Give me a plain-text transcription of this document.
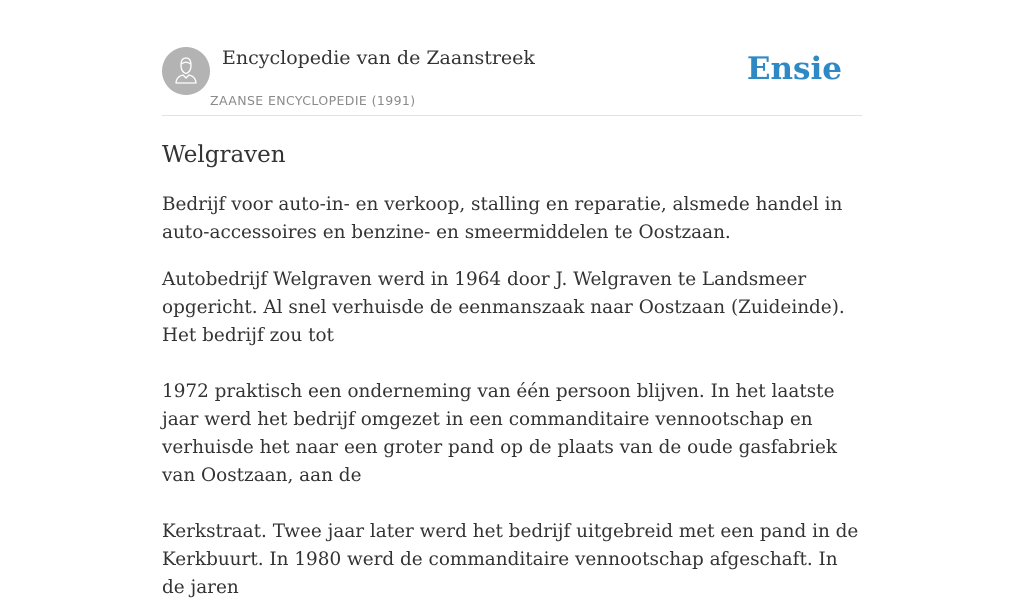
Encyclopedie van de Zaanstreek
ZAANSE ENCYCLOPEDIE (1991)
Ensie
Welgraven

Bedrijf voor auto-in- en verkoop, stalling en reparatie, alsmede handel in auto-accessoires en benzine- en smeermiddelen te Oostzaan.

Autobedrijf Welgraven werd in 1964 door J. Welgraven te Landsmeer opgericht. Al snel verhuisde de eenmanszaak naar Oostzaan (Zuideinde). Het bedrijf zou tot

1972 praktisch een onderneming van één persoon blijven. In het laatste jaar werd het bedrijf omgezet in een commanditaire vennootschap en verhuisde het naar een groter pand op de plaats van de oude gasfabriek van Oostzaan, aan de

Kerkstraat. Twee jaar later werd het bedrijf uitgebreid met een pand in de Kerkbuurt. In 1980 werd de commanditaire vennootschap afgeschaft. In de jaren
